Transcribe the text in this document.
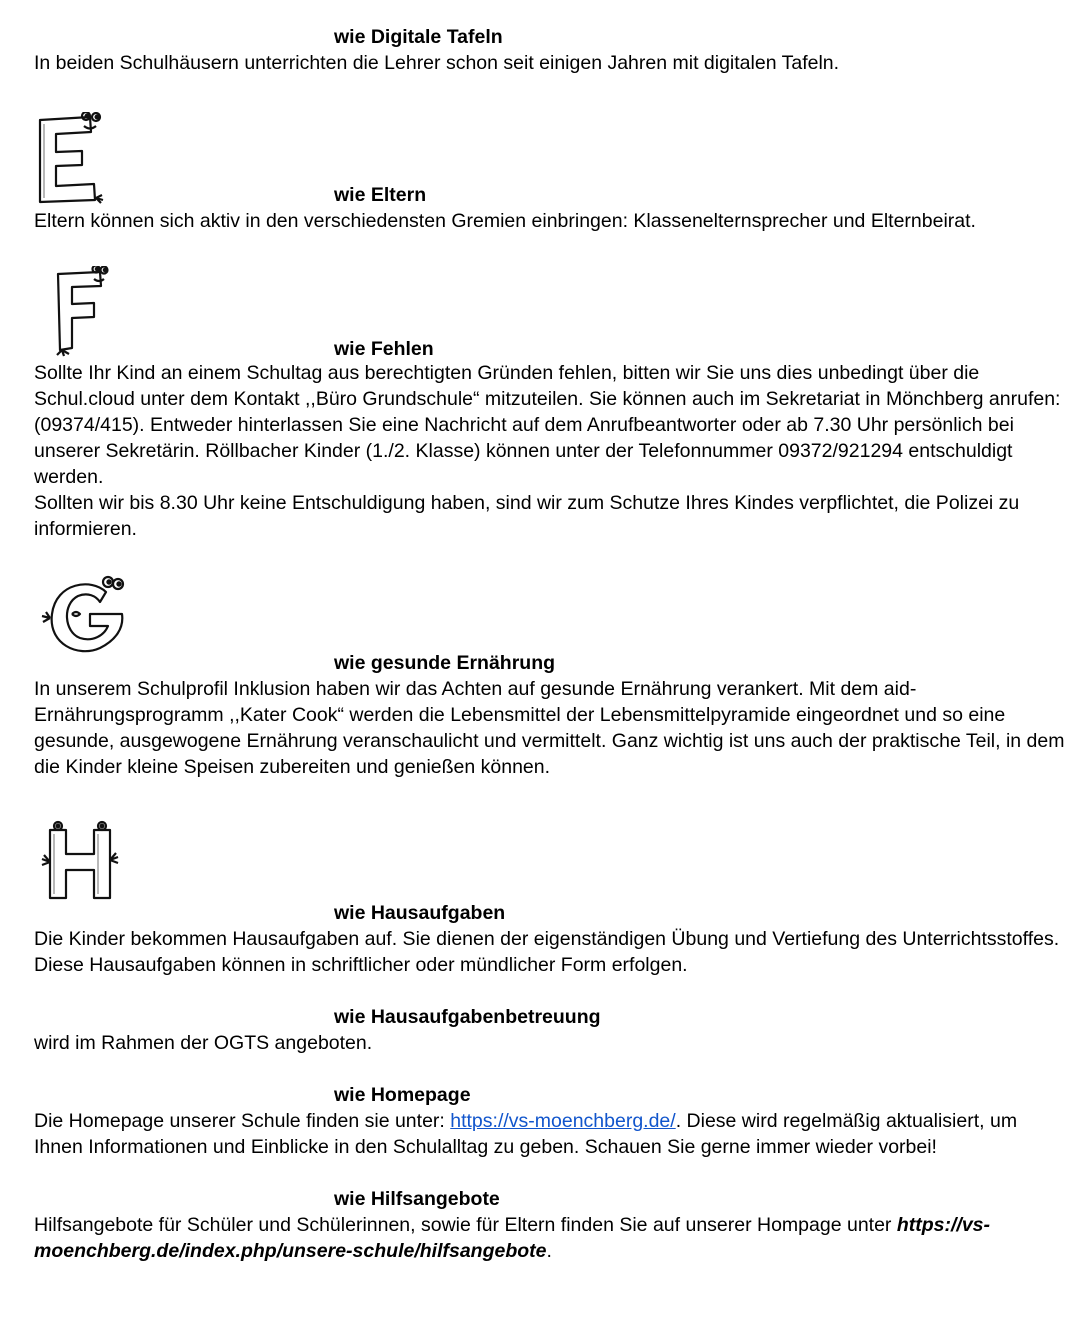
wie Digitale Tafeln

In beiden Schulhäusern unterrichten die Lehrer schon seit einigen Jahren mit digitalen Tafeln.

wie Eltern

Eltern können sich aktiv in den verschiedensten Gremien einbringen: Klassenelternsprecher und Elternbeirat.

wie Fehlen

Sollte Ihr Kind an einem Schultag aus berechtigten Gründen fehlen, bitten wir Sie uns dies unbedingt über die Schul.cloud unter dem Kontakt ,,Büro Grundschule“ mitzuteilen. Sie können auch im Sekretariat in Mönchberg anrufen: (09374/415). Entweder hinterlassen Sie eine Nachricht auf dem Anrufbeantworter oder ab 7.30 Uhr persönlich bei unserer Sekretärin. Röllbacher Kinder (1./2. Klasse) können unter der Telefonnummer 09372/921294 entschuldigt werden.

Sollten wir bis 8.30 Uhr keine Entschuldigung haben, sind wir zum Schutze Ihres Kindes verpflichtet, die Polizei zu informieren.

wie gesunde Ernährung

In unserem Schulprofil Inklusion haben wir das Achten auf gesunde Ernährung verankert. Mit dem aid-Ernährungsprogramm ,,Kater Cook“ werden die Lebensmittel der Lebensmittelpyramide eingeordnet und so eine gesunde, ausgewogene Ernährung veranschaulicht und vermittelt. Ganz wichtig ist uns auch der praktische Teil, in dem die Kinder kleine Speisen zubereiten und genießen können.

wie Hausaufgaben

Die Kinder bekommen Hausaufgaben auf. Sie dienen der eigenständigen Übung und Vertiefung des Unterrichtsstoffes. Diese Hausaufgaben können in schriftlicher oder mündlicher Form erfolgen.

wie Hausaufgabenbetreuung

wird im Rahmen der OGTS angeboten.

wie Homepage

Die Homepage unserer Schule finden sie unter: https://vs-moenchberg.de/. Diese wird regelmäßig aktualisiert, um Ihnen Informationen und Einblicke in den Schulalltag zu geben. Schauen Sie gerne immer wieder vorbei!

wie Hilfsangebote

Hilfsangebote für Schüler und Schülerinnen, sowie für Eltern finden Sie auf unserer Hompage unter https://vs-moenchberg.de/index.php/unsere-schule/hilfsangebote.
